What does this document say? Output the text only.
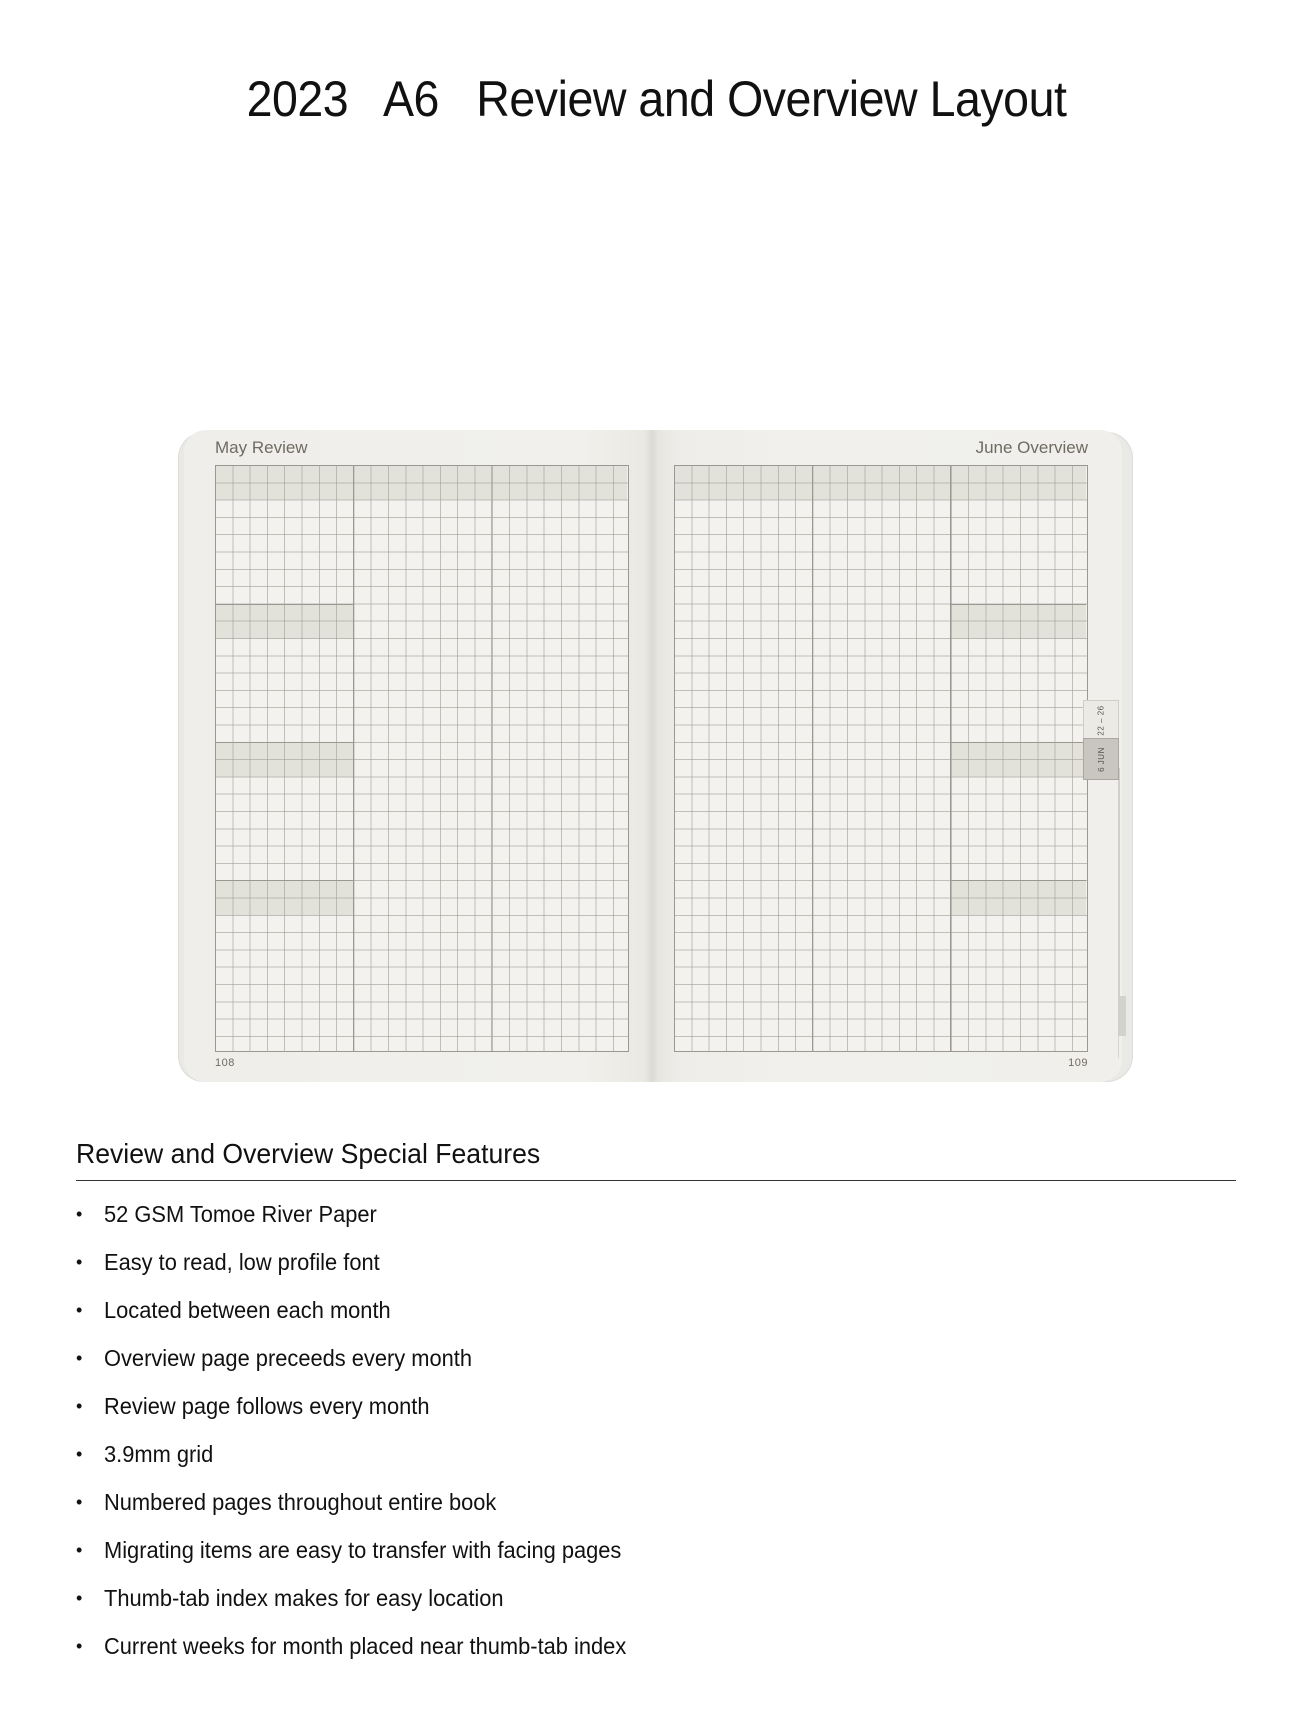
2023 A6 Review and Overview Layout
May Review	June Overview
22 – 26
6 JUN
108	109
Review and Overview Special Features
• 52 GSM Tomoe River Paper
• Easy to read, low profile font
• Located between each month
• Overview page preceeds every month
• Review page follows every month
• 3.9mm grid
• Numbered pages throughout entire book
• Migrating items are easy to transfer with facing pages
• Thumb-tab index makes for easy location
• Current weeks for month placed near thumb-tab index
